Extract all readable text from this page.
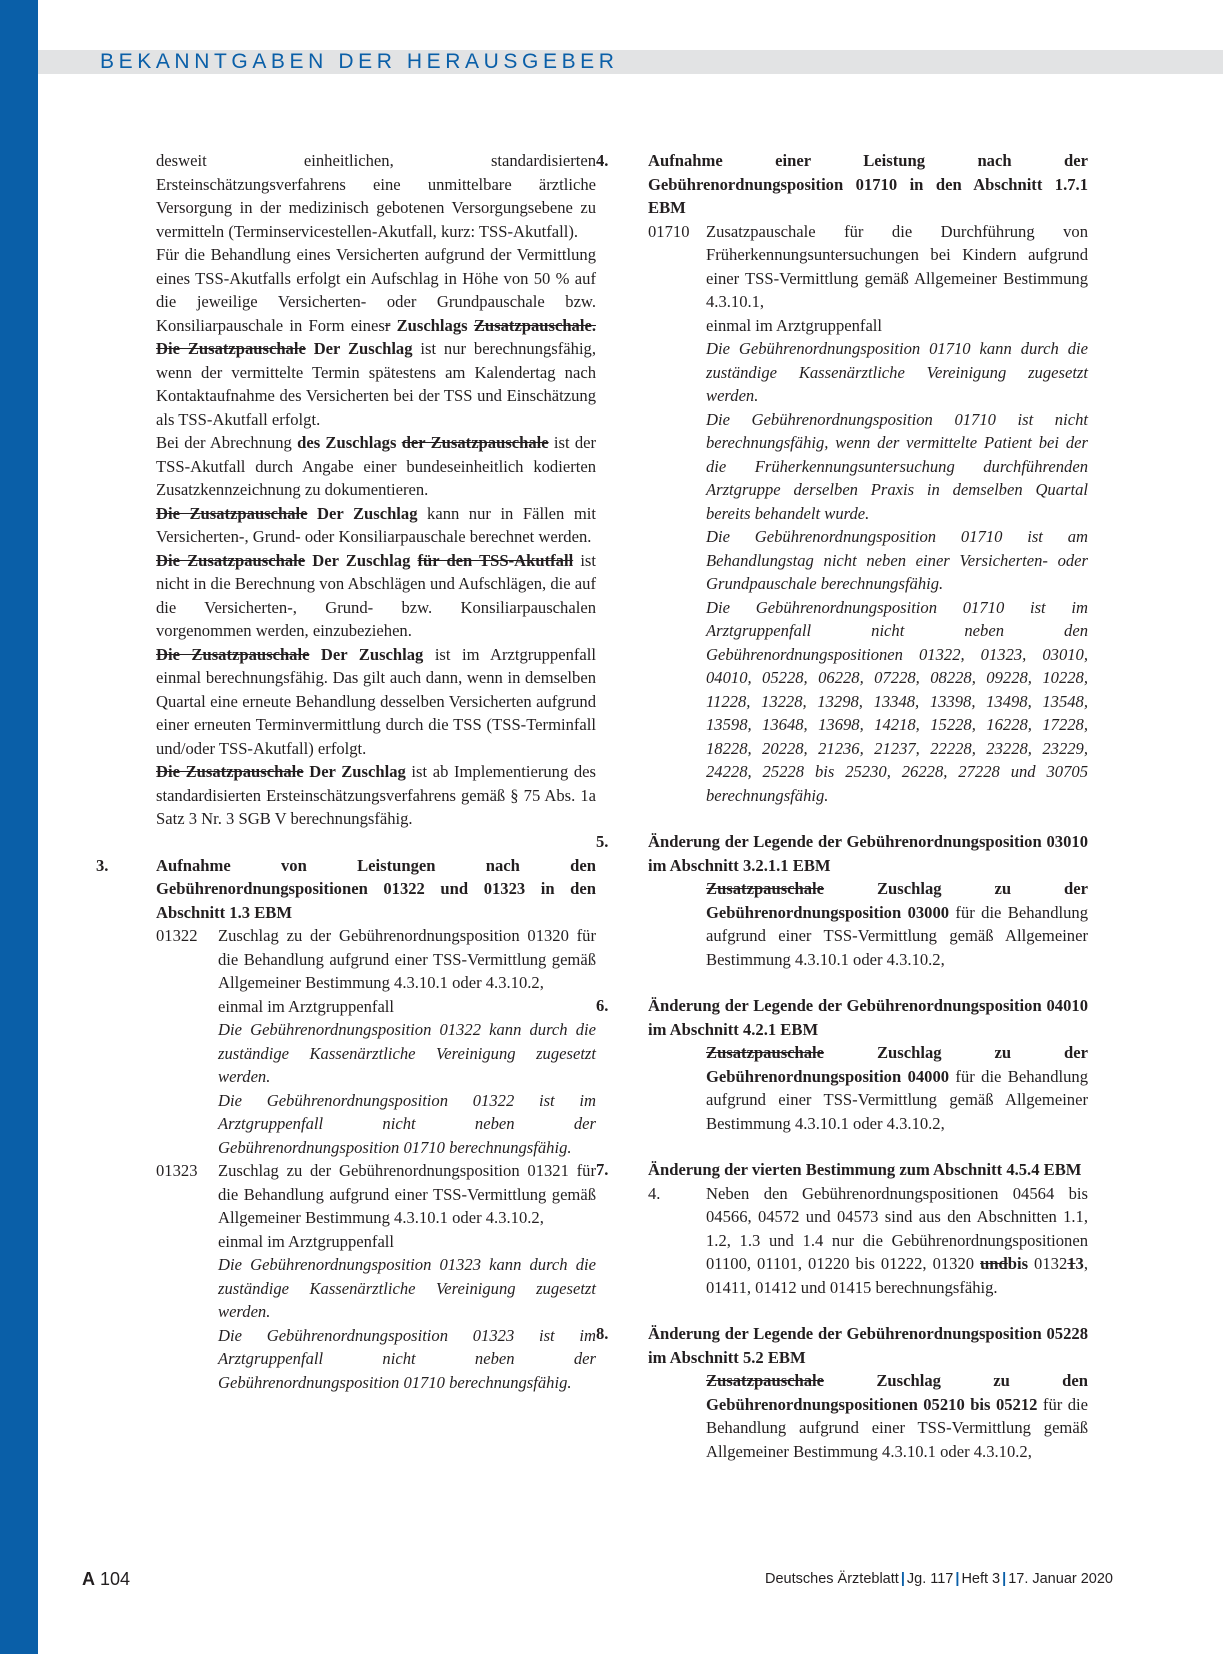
BEKANNTGABEN DER HERAUSGEBER

desweit einheitlichen, standardisierten Ersteinschätzungsverfahrens eine unmittelbare ärztliche Versorgung in der medizinisch gebotenen Versorgungsebene zu vermitteln (Terminservicestellen-Akutfall, kurz: TSS-Akutfall).

Für die Behandlung eines Versicherten aufgrund der Vermittlung eines TSS-Akutfalls erfolgt ein Aufschlag in Höhe von 50 % auf die jeweilige Versicherten- oder Grundpauschale bzw. Konsiliarpauschale in Form einesr Zuschlags Zusatzpauschale. Die Zusatzpauschale Der Zuschlag ist nur berechnungsfähig, wenn der vermittelte Termin spätestens am Kalendertag nach Kontaktaufnahme des Versicherten bei der TSS und Einschätzung als TSS-Akutfall erfolgt.

Bei der Abrechnung des Zuschlags der Zusatzpauschale ist der TSS-Akutfall durch Angabe einer bundeseinheitlich kodierten Zusatzkennzeichnung zu dokumentieren.

Die Zusatzpauschale Der Zuschlag kann nur in Fällen mit Versicherten-, Grund- oder Konsiliarpauschale berechnet werden.

Die Zusatzpauschale Der Zuschlag für den TSS-Akutfall ist nicht in die Berechnung von Abschlägen und Aufschlägen, die auf die Versicherten-, Grund- bzw. Konsiliarpauschalen vorgenommen werden, einzubeziehen.

Die Zusatzpauschale Der Zuschlag ist im Arztgruppenfall einmal berechnungsfähig. Das gilt auch dann, wenn in demselben Quartal eine erneute Behandlung desselben Versicherten aufgrund einer erneuten Terminvermittlung durch die TSS (TSS-Terminfall und/oder TSS-Akutfall) erfolgt.

Die Zusatzpauschale Der Zuschlag ist ab Implementierung des standardisierten Ersteinschätzungsverfahrens gemäß § 75 Abs. 1a Satz 3 Nr. 3 SGB V berechnungsfähig.

3.	Aufnahme von Leistungen nach den Gebührenordnungspositionen 01322 und 01323 in den Abschnitt 1.3 EBM

01322 Zuschlag zu der Gebührenordnungsposition 01320 für die Behandlung aufgrund einer TSS-Vermittlung gemäß Allgemeiner Bestimmung 4.3.10.1 oder 4.3.10.2,

einmal im Arztgruppenfall

Die Gebührenordnungsposition 01322 kann durch die zuständige Kassenärztliche Vereinigung zugesetzt werden.

Die Gebührenordnungsposition 01322 ist im Arztgruppenfall nicht neben der Gebührenordnungsposition 01710 berechnungsfähig.

01323 Zuschlag zu der Gebührenordnungsposition 01321 für die Behandlung aufgrund einer TSS-Vermittlung gemäß Allgemeiner Bestimmung 4.3.10.1 oder 4.3.10.2,

einmal im Arztgruppenfall

Die Gebührenordnungsposition 01323 kann durch die zuständige Kassenärztliche Vereinigung zugesetzt werden.

Die Gebührenordnungsposition 01323 ist im Arztgruppenfall nicht neben der Gebührenordnungsposition 01710 berechnungsfähig.

4. Aufnahme einer Leistung nach der Gebührenordnungsposition 01710 in den Abschnitt 1.7.1 EBM

01710 Zusatzpauschale für die Durchführung von Früherkennungsuntersuchungen bei Kindern aufgrund einer TSS-Vermittlung gemäß Allgemeiner Bestimmung 4.3.10.1,

einmal im Arztgruppenfall

Die Gebührenordnungsposition 01710 kann durch die zuständige Kassenärztliche Vereinigung zugesetzt werden.

Die Gebührenordnungsposition 01710 ist nicht berechnungsfähig, wenn der vermittelte Patient bei der die Früherkennungsuntersuchung durchführenden Arztgruppe derselben Praxis in demselben Quartal bereits behandelt wurde.

Die Gebührenordnungsposition 01710 ist am Behandlungstag nicht neben einer Versicherten- oder Grundpauschale berechnungsfähig.

Die Gebührenordnungsposition 01710 ist im Arztgruppenfall nicht neben den Gebührenordnungspositionen 01322, 01323, 03010, 04010, 05228, 06228, 07228, 08228, 09228, 10228, 11228, 13228, 13298, 13348, 13398, 13498, 13548, 13598, 13648, 13698, 14218, 15228, 16228, 17228, 18228, 20228, 21236, 21237, 22228, 23228, 23229, 24228, 25228 bis 25230, 26228, 27228 und 30705 berechnungsfähig.

5. Änderung der Legende der Gebührenordnungsposition 03010 im Abschnitt 3.2.1.1 EBM

Zusatzpauschale Zuschlag zu der Gebührenordnungsposition 03000 für die Behandlung aufgrund einer TSS-Vermittlung gemäß Allgemeiner Bestimmung 4.3.10.1 oder 4.3.10.2,

6. Änderung der Legende der Gebührenordnungsposition 04010 im Abschnitt 4.2.1 EBM

Zusatzpauschale Zuschlag zu der Gebührenordnungsposition 04000 für die Behandlung aufgrund einer TSS-Vermittlung gemäß Allgemeiner Bestimmung 4.3.10.1 oder 4.3.10.2,

7. Änderung der vierten Bestimmung zum Abschnitt 4.5.4 EBM

4.	Neben den Gebührenordnungspositionen 04564 bis 04566, 04572 und 04573 sind aus den Abschnitten 1.1, 1.2, 1.3 und 1.4 nur die Gebührenordnungspositionen 01100, 01101, 01220 bis 01222, 01320 undbis 013213, 01411, 01412 und 01415 berechnungsfähig.

8. Änderung der Legende der Gebührenordnungsposition 05228 im Abschnitt 5.2 EBM

Zusatzpauschale Zuschlag zu den Gebührenordnungspositionen 05210 bis 05212 für die Behandlung aufgrund einer TSS-Vermittlung gemäß Allgemeiner Bestimmung 4.3.10.1 oder 4.3.10.2,

A 104	Deutsches Ärzteblatt | Jg. 117 | Heft 3 | 17. Januar 2020
